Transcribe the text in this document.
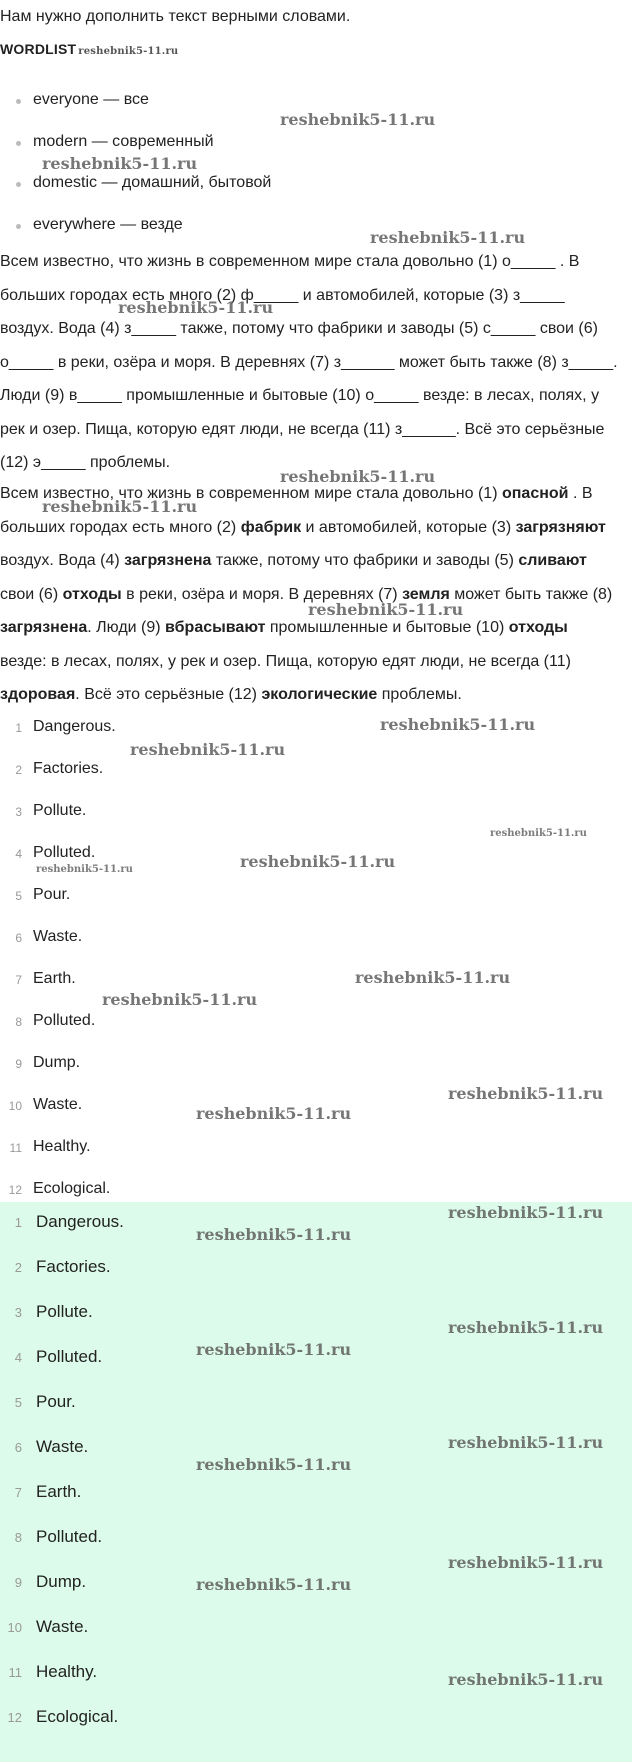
Нам нужно дополнить текст верными словами.
WORDLIST reshebnik5-11.ru
everyone — все
modern — современный
domestic — домашний, бытовой
everywhere — везде

Всем известно, что жизнь в современном мире стала довольно (1) о_____ . В больших городах есть много (2) ф_____ и автомобилей, которые (3) з_____ воздух. Вода (4) з_____ также, потому что фабрики и заводы (5) с_____ свои (6) о_____ в реки, озёра и моря. В деревнях (7) з______ может быть также (8) з_____. Люди (9) в_____ промышленные и бытовые (10) о_____ везде: в лесах, полях, у рек и озер. Пища, которую едят люди, не всегда (11) з______. Всё это серьёзные (12) э_____ проблемы.

Всем известно, что жизнь в современном мире стала довольно (1) опасной . В больших городах есть много (2) фабрик и автомобилей, которые (3) загрязняют воздух. Вода (4) загрязнена также, потому что фабрики и заводы (5) сливают свои (6) отходы в реки, озёра и моря. В деревнях (7) земля может быть также (8) загрязнена. Люди (9) вбрасывают промышленные и бытовые (10) отходы везде: в лесах, полях, у рек и озер. Пища, которую едят люди, не всегда (11) здоровая. Всё это серьёзные (12) экологические проблемы.

1 Dangerous.
2 Factories.
3 Pollute.
4 Polluted.
5 Pour.
6 Waste.
7 Earth.
8 Polluted.
9 Dump.
10 Waste.
11 Healthy.
12 Ecological.
1 Dangerous.
2 Factories.
3 Pollute.
4 Polluted.
5 Pour.
6 Waste.
7 Earth.
8 Polluted.
9 Dump.
10 Waste.
11 Healthy.
12 Ecological.
reshebnik5-11.ru
reshebnik5-11.ru
reshebnik5-11.ru
reshebnik5-11.ru
reshebnik5-11.ru
reshebnik5-11.ru
reshebnik5-11.ru
reshebnik5-11.ru
reshebnik5-11.ru
reshebnik5-11.ru
reshebnik5-11.ru
reshebnik5-11.ru
reshebnik5-11.ru
reshebnik5-11.ru
reshebnik5-11.ru
reshebnik5-11.ru
reshebnik5-11.ru
reshebnik5-11.ru
reshebnik5-11.ru
reshebnik5-11.ru
reshebnik5-11.ru
reshebnik5-11.ru
reshebnik5-11.ru
reshebnik5-11.ru
reshebnik5-11.ru
